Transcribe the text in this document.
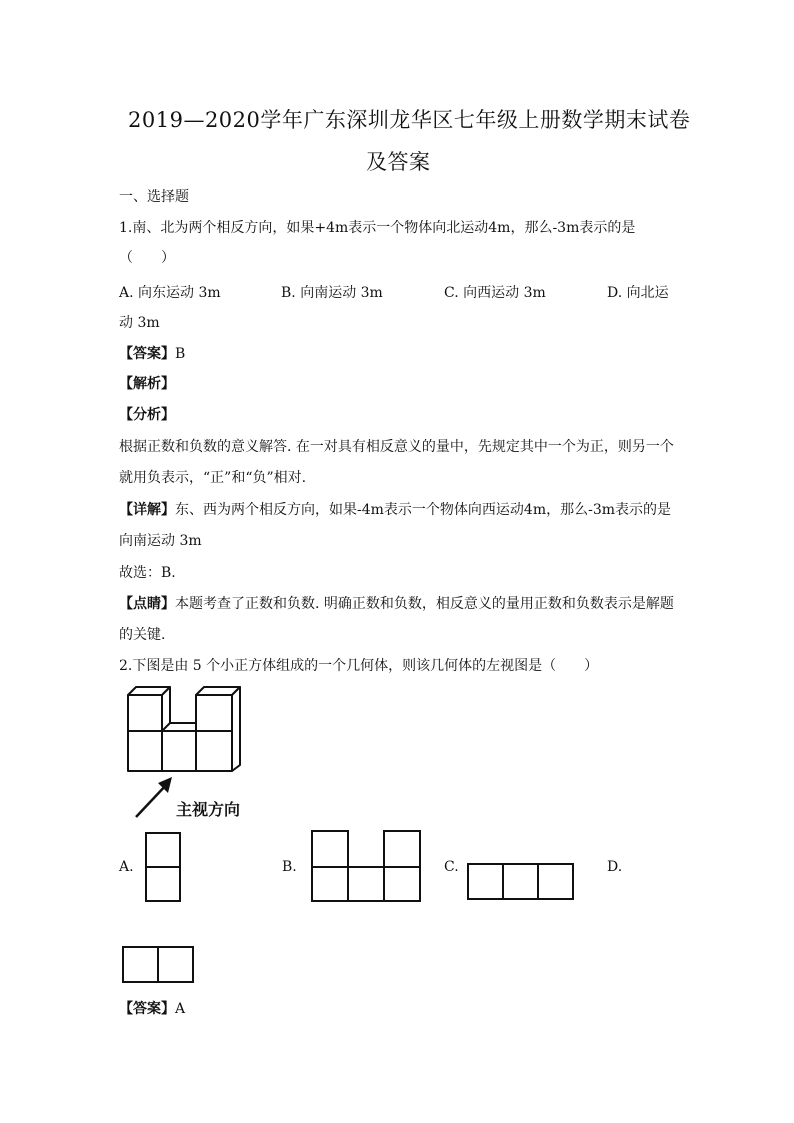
2019—2020学年广东深圳龙华区七年级上册数学期末试卷
及答案
一、选择题
1.南、北为两个相反方向，如果+4m表示一个物体向北运动4m，那么-3m表示的是
（　　）
A. 向东运动 3m	B. 向南运动 3m	C. 向西运动 3m	D. 向北运
动 3m
【答案】B
【解析】
【分析】
根据正数和负数的意义解答. 在一对具有相反意义的量中，先规定其中一个为正，则另一个
就用负表示，“正”和“负”相对.
【详解】东、西为两个相反方向，如果-4m表示一个物体向西运动4m，那么-3m表示的是
向南运动 3m
故选：B.
【点睛】本题考查了正数和负数. 明确正数和负数，相反意义的量用正数和负数表示是解题
的关键.
2.下图是由 5 个小正方体组成的一个几何体，则该几何体的左视图是（　　）
主视方向
A.	B.	C.	D.
【答案】A
